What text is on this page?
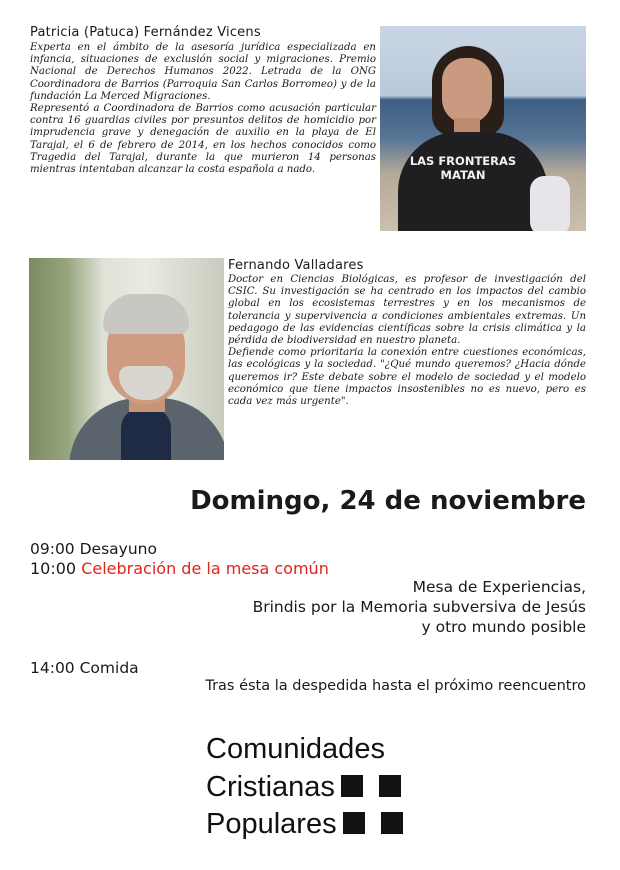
Patricia (Patuca) Fernández Vicens

Experta en el ámbito de la asesoría jurídica especializada en infancia, situaciones de exclusión social y migraciones. Premio Nacional de Derechos Humanos 2022. Letrada de la ONG Coordinadora de Barrios (Parroquia San Carlos Borromeo) y de la fundación La Merced Migraciones.

Representó a Coordinadora de Barrios como acusación particular contra 16 guardias civiles por presuntos delitos de homicidio por imprudencia grave y denegación de auxilio en la playa de El Tarajal, el 6 de febrero de 2014, en los hechos conocidos como Tragedia del Tarajal, durante la que murieron 14 personas mientras intentaban alcanzar la costa española a nado.

LAS FRONTERAS MATAN
Fernando Valladares

Doctor en Ciencias Biológicas, es profesor de investigación del CSIC. Su investigación se ha centrado en los impactos del cambio global en los ecosistemas terrestres y en los mecanismos de tolerancia y supervivencia a condiciones ambientales extremas. Un pedagogo de las evidencias científicas sobre la crisis climática y la pérdida de biodiversidad en nuestro planeta.

Defiende como prioritaria la conexión entre cuestiones económicas, las ecológicas y la sociedad. "¿Qué mundo queremos? ¿Hacia dónde queremos ir? Este debate sobre el modelo de sociedad y el modelo económico que tiene impactos insostenibles no es nuevo, pero es cada vez más urgente".

Domingo, 24 de noviembre
09:00 Desayuno
10:00 Celebración de la mesa común
Mesa de Experiencias,
Brindis por la Memoria subversiva de Jesús
y otro mundo posible
14:00 Comida
Tras ésta la despedida hasta el próximo reencuentro
Comunidades
Cristianas
Populares
